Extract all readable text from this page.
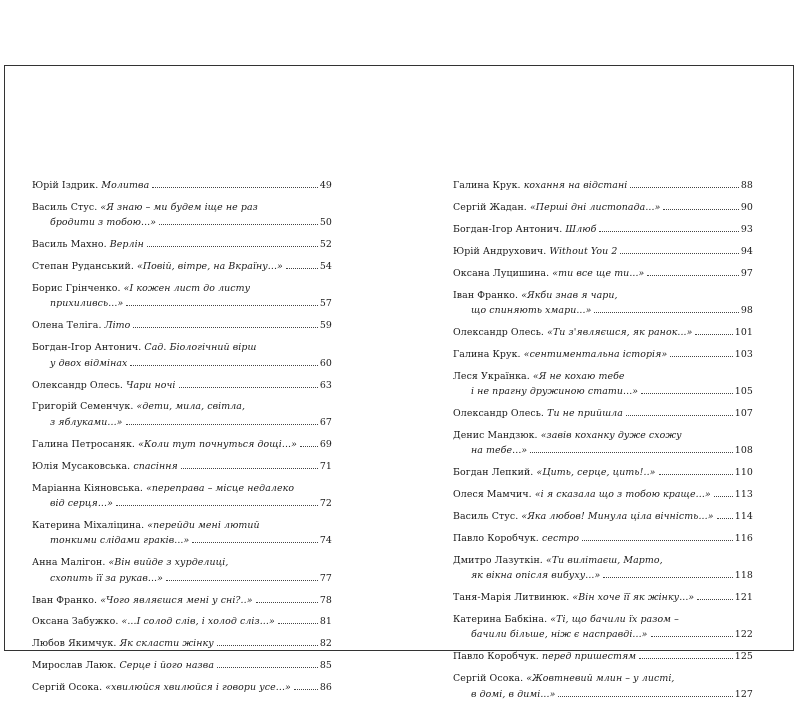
Юрій Іздрик. Молитва	49
Василь Стус. «Я знаю – ми будем іще не раз
бродити з тобою...»	50
Василь Махно. Верлін	52
Степан Руданський. «Повій, вітре, на Вкраїну...»	54
Борис Грінченко. «І кожен лист до листу
прихиливсь...»	57
Олена Теліга. Літо	59
Богдан-Ігор Антонич. Сад. Біологічний вірш
у двох відмінах	60
Олександр Олесь. Чари ночі	63
Григорій Семенчук. «дети, мила, світла,
з яблуками...»	67
Галина Петросаняк. «Коли тут почнуться дощі...» 69
Юлія Мусаковська. спасіння	71
Маріанна Кіяновська. «переправа – місце недалеко
від серця...»	72
Катерина Міхаліцина. «перейди мені лютий
тонкими слідами граків...»	74
Анна Малігон. «Він вийде з хурделиці,
схопить її за рукав...»	77
Іван Франко. «Чого являєшся мені у сні?..»	78
Оксана Забужко. «...І солод слів, і холод сліз...»	81
Любов Якимчук. Як скласти жінку	82
Мирослав Лаюк. Серце і його назва	85
Сергій Осока. «хвилюйся хвилюйся і говори усе...»	86
Галина Крук. кохання на відстані	88
Сергій Жадан. «Перші дні листопада...»	90
Богдан-Ігор Антонич. Шлюб	93
Юрій Андрухович. Without You 2	94
Оксана Луцишина. «ти все ще ти...»	97
Іван Франко. «Якби знав я чари,
що спиняють хмари...»	98
Олександр Олесь. «Ти з'являєшся, як ранок...»	101
Галина Крук. «сентиментальна історія»	103
Леся Українка. «Я не кохаю тебе
і не прагну дружиною стати...»	105
Олександр Олесь. Ти не прийшла	107
Денис Мандзюк. «завів коханку дуже схожу
на тебе...»	108
Богдан Лепкий. «Цить, серце, цить!..»	110
Олеся Мамчич. «і я сказала що з тобою краще...»	113
Василь Стус. «Яка любов! Минула ціла вічність...» 114
Павло Коробчук. сестро	116
Дмитро Лазуткін. «Ти вилітаєш, Марто,
як вікна опісля вибуху...»	118
Таня-Марія Литвинюк. «Він хоче її як жінку...»	121
Катерина Бабкіна. «Ті, що бачили їх разом –
бачили більше, ніж є насправді...»	122
Павло Коробчук. перед пришестям	125
Сергій Осока. «Жовтневий млин – у листі,
в домі, в димі...»	127
